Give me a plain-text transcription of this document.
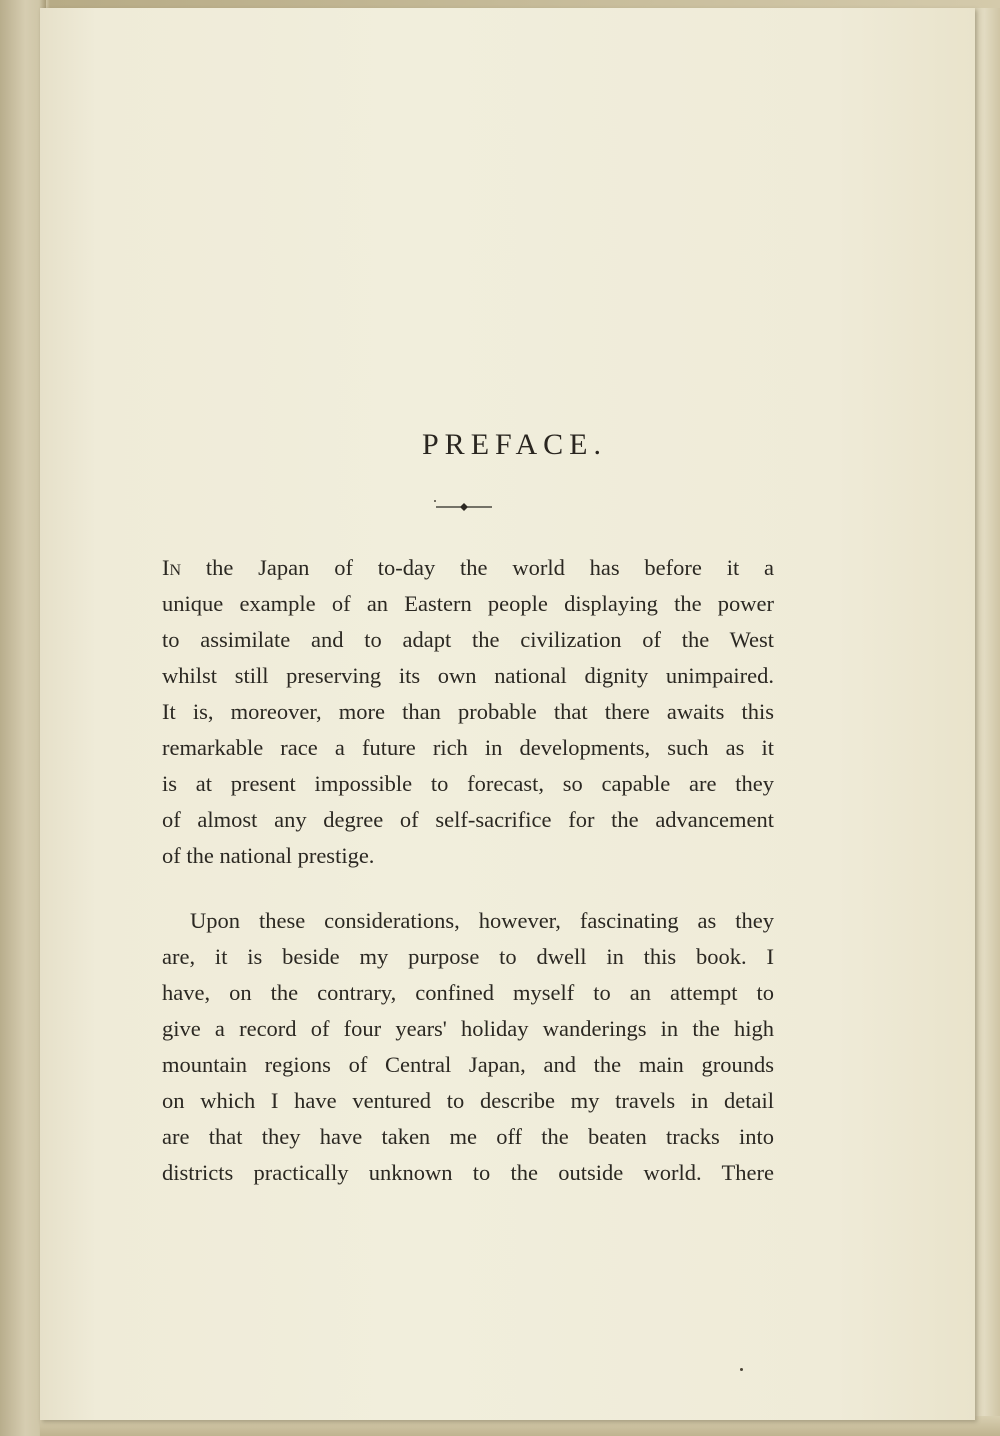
PREFACE.
In the Japan of to-day the world has before it a
unique example of an Eastern people displaying the power
to assimilate and to adapt the civilization of the West
whilst still preserving its own national dignity unimpaired.
It is, moreover, more than probable that there awaits this
remarkable race a future rich in developments, such as it
is at present impossible to forecast, so capable are they
of almost any degree of self-sacrifice for the advancement
of the national prestige.
Upon these considerations, however, fascinating as they
are, it is beside my purpose to dwell in this book. I
have, on the contrary, confined myself to an attempt to
give a record of four years' holiday wanderings in the high
mountain regions of Central Japan, and the main grounds
on which I have ventured to describe my travels in detail
are that they have taken me off the beaten tracks into
districts practically unknown to the outside world. There
